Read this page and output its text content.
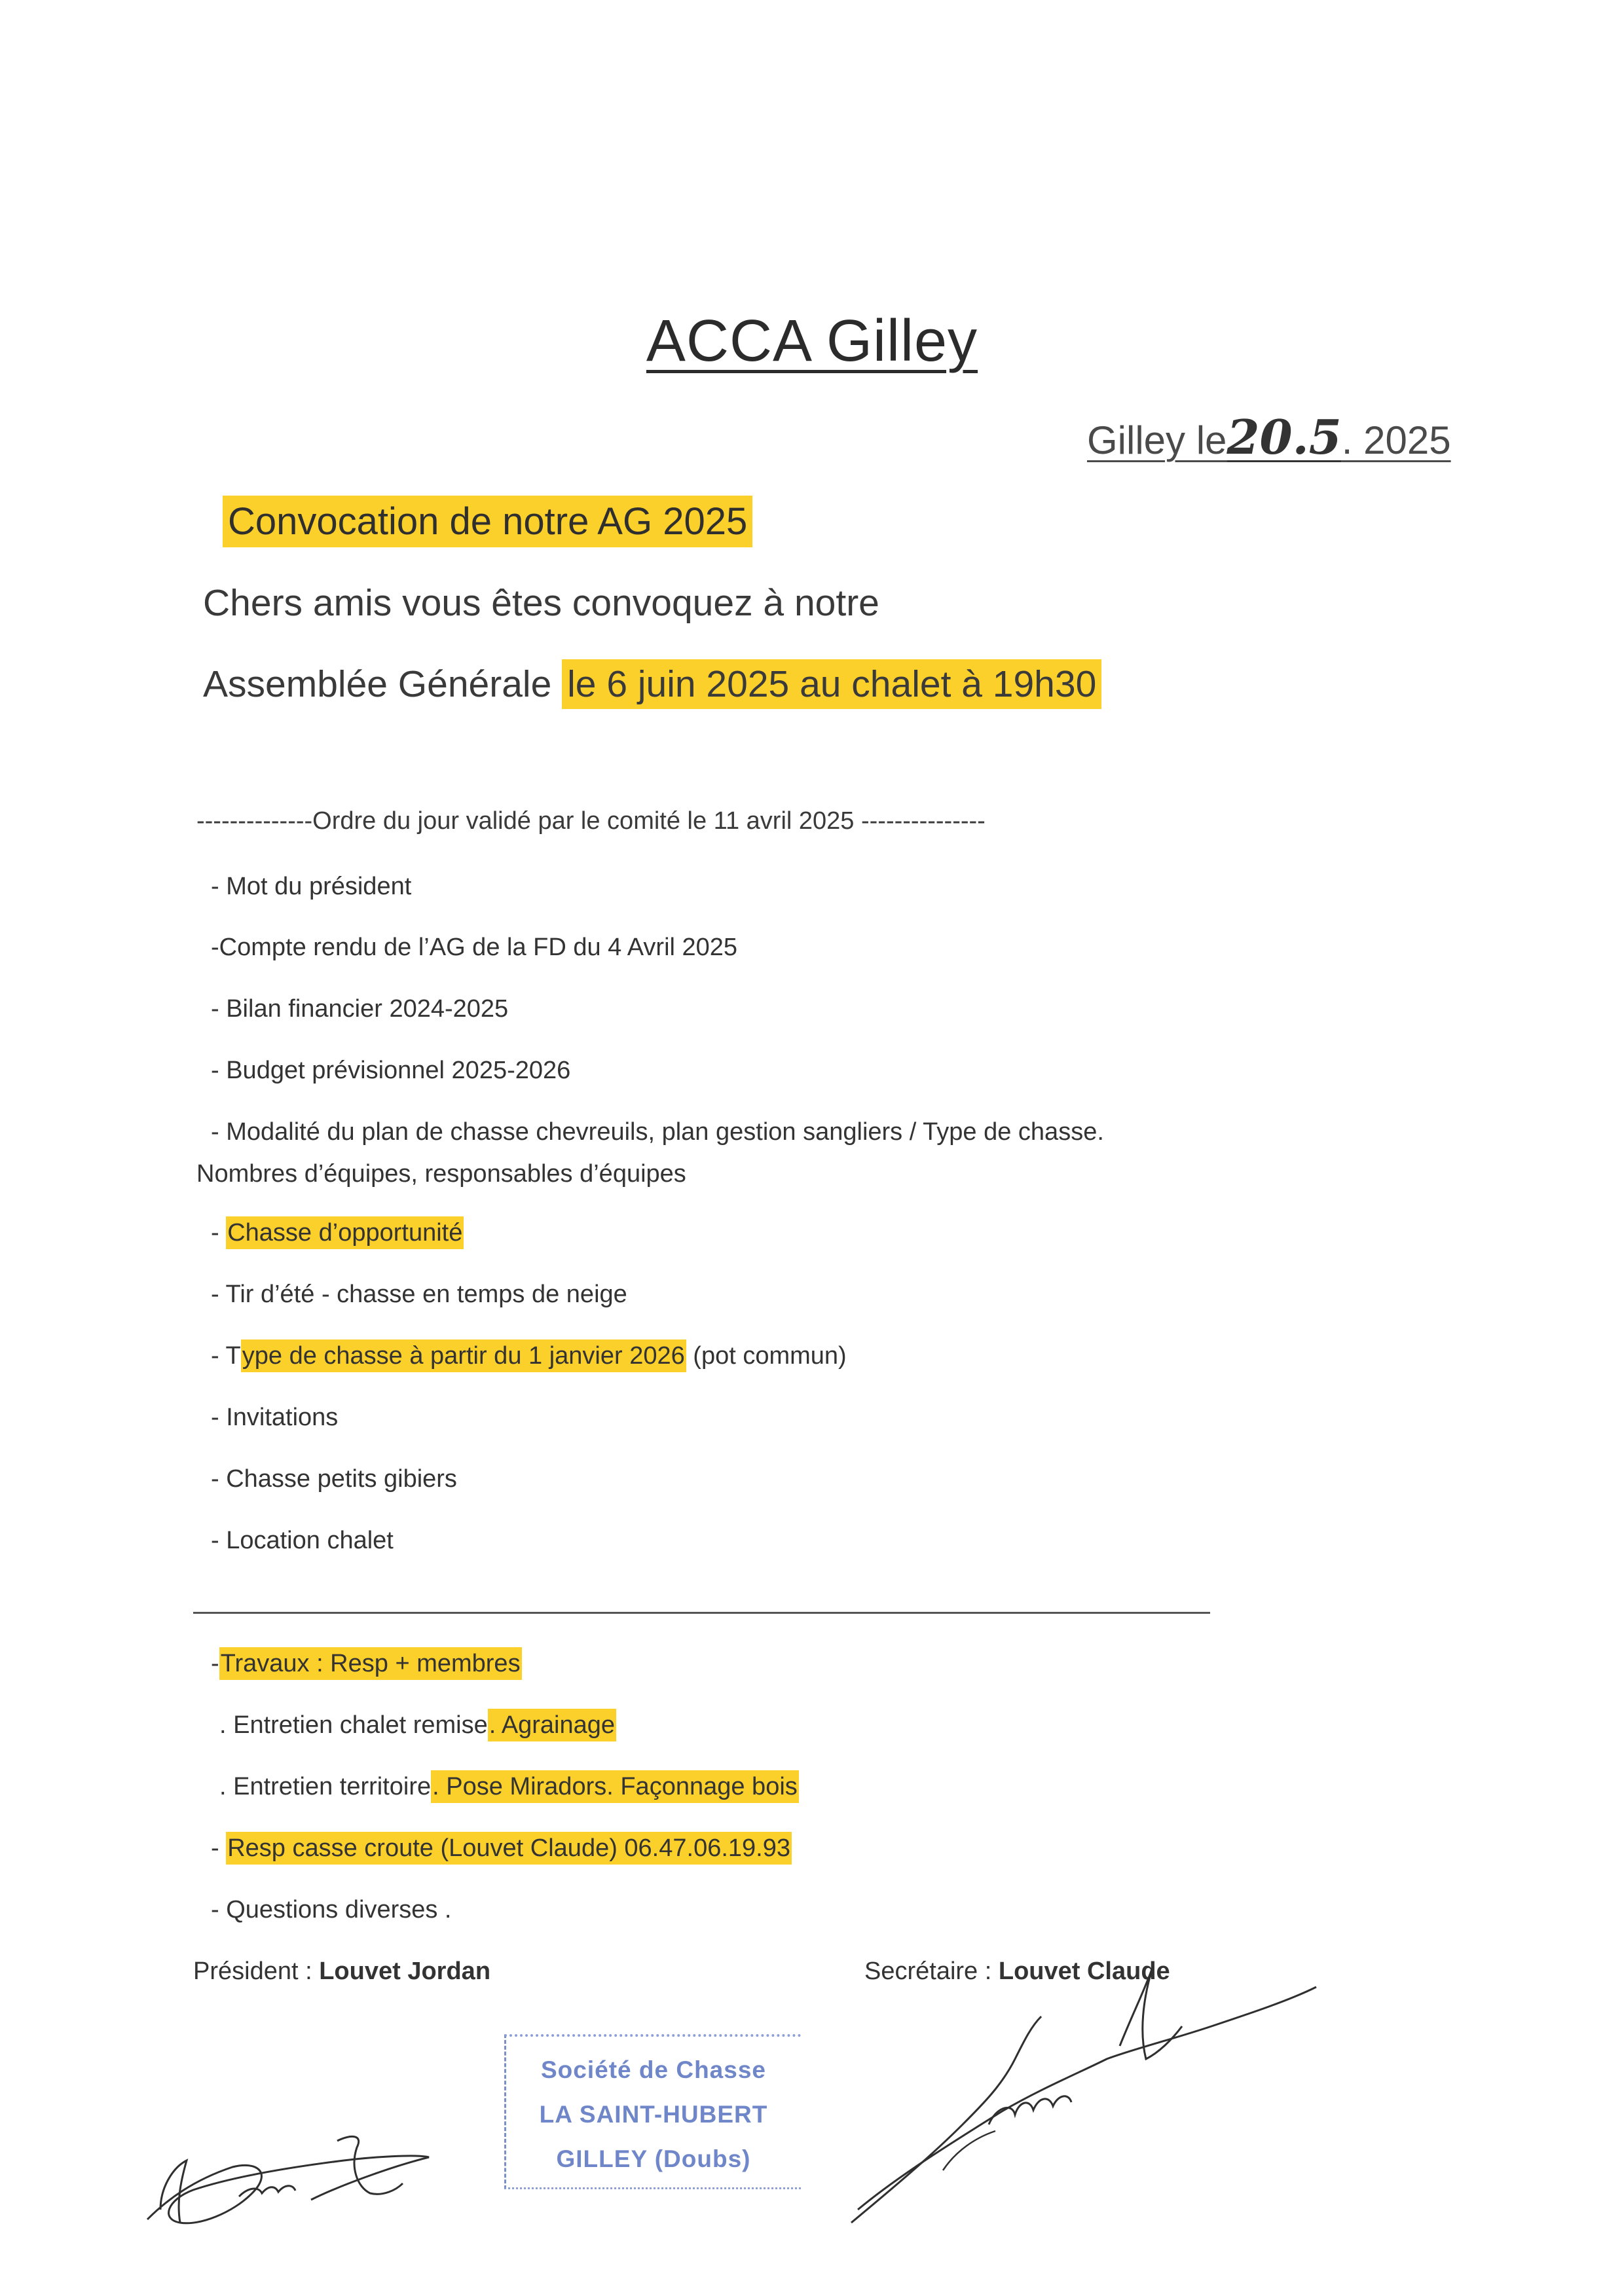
ACCA Gilley
Gilley le20.5. 2025
Convocation de notre AG 2025
Chers amis vous êtes convoquez à notre
Assemblée Générale le 6 juin 2025 au chalet à 19h30
--------------Ordre du jour validé par le comité le 11 avril 2025 ---------------
- Mot du président
-Compte rendu de l’AG de la FD du 4 Avril 2025
- Bilan financier 2024-2025
- Budget prévisionnel 2025-2026
- Modalité du plan de chasse chevreuils, plan gestion sangliers / Type de chasse.
Nombres d’équipes, responsables d’équipes
- Chasse d’opportunité
- Tir d’été - chasse en temps de neige
- Type de chasse à partir du 1 janvier 2026 (pot commun)
- Invitations
- Chasse petits gibiers
- Location chalet
-Travaux : Resp + membres
. Entretien chalet remise. Agrainage
. Entretien territoire. Pose Miradors. Façonnage bois
- Resp casse croute (Louvet Claude) 06.47.06.19.93
- Questions diverses .
Président : Louvet Jordan	Secrétaire : Louvet Claude
Société de Chasse
LA SAINT-HUBERT
GILLEY (Doubs)
